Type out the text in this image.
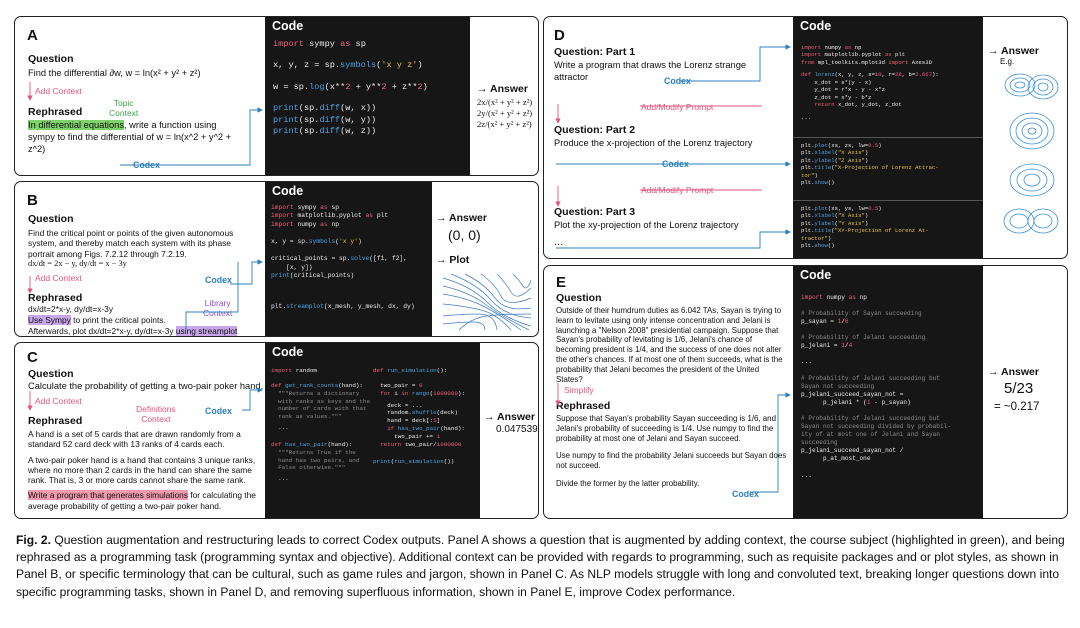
A
Question
Find the differential ∂w, w = ln(x² + y² + z²)
Add Context
Topic
Context
Rephrased
In differential equations, write a function using sympy to find the differential of w = ln(x^2 + y^2 + z^2)
Codex
Code
import sympy as sp
x, y, z = sp.symbols('x y z')
w = sp.log(x**2 + y**2 + z**2)
print(sp.diff(w, x))
print(sp.diff(w, y))
print(sp.diff(w, z))
→ Answer
2x/(x² + y² + z²)
2y/(x² + y² + z²)
2z/(x² + y² + z²)
B
Question
Find the critical point or points of the given autonomous system, and thereby match each system with its phase portrait among Figs. 7.2.12 through 7.2.19.
dx/dt = 2x − y, dy/dt = x − 3y
Add Context	Codex
Library
Context
Rephrased
dx/dt=2*x-y, dy/dt=x-3y
Use Sympy to print the critical points.
Afterwards, plot dx/dt=2*x-y, dy/dt=x-3y using streamplot
Code
import sympy as sp
import matplotlib.pyplot as plt
import numpy as np
x, y = sp.symbols('x y')
critical_points = sp.solve([f1, f2],
[x, y])
print(critical_points)
plt.streamplot(x_mesh, y_mesh, dx, dy)
→ Answer
(0, 0)
→ Plot
C
Question
Calculate the probability of getting a two-pair poker hand.
Add Context
Definitions
Context
Codex
Rephrased
A hand is a set of 5 cards that are drawn randomly from a standard 52 card deck with 13 ranks of 4 cards each.
A two-pair poker hand is a hand that contains 3 unique ranks, where no more than 2 cards in the hand can share the same rank. That is, 3 or more cards cannot share the same rank.
Write a program that generates simulations for calculating the average probability of getting a two-pair poker hand.
Code
import random
def get_rank_counts(hand):
"""Returns a dictionary
with ranks as keys and the
number of cards with that
rank as values."""
...
def has_two_pair(hand):
"""Returns True if the
hand has two pairs, and
False otherwise."""
...
def run_simulation():
two_pair = 0
for i in range(1000000):
deck = ...
random.shuffle(deck)
hand = deck[:5]
if has_two_pair(hand):
two_pair += 1
return two_pair/1000000
print(run_simulation())
→ Answer
0.047539
D
Question: Part 1
Write a program that draws the Lorenz strange attractor	Codex
Add/Modify Prompt
Question: Part 2
Produce the x-projection of the Lorenz trajectory
Codex
Add/Modify Prompt
Question: Part 3
Plot the xy-projection of the Lorenz trajectory
...
Code
import numpy as np
import matplotlib.pyplot as plt
from mpl_toolkits.mplot3d import Axes3D
def lorenz(x, y, z, s=10, r=28, b=2.667):
x_dot = s*(y - x)
y_dot = r*x - y - x*z
z_dot = x*y - b*z
return x_dot, y_dot, z_dot
...
plt.plot(xs, zs, lw=0.5)
plt.xlabel("X Axis")
plt.ylabel("Z Axis")
plt.title("X-Projection of Lorenz Attrac-
tor")
plt.show()
plt.plot(xs, ys, lw=0.5)
plt.xlabel("X Axis")
plt.ylabel("Y Axis")
plt.title("XY-Projection of Lorenz At-
tractor")
plt.show()
→ Answer
E.g.
E
Question
Outside of their humdrum duties as 6.042 TAs, Sayan is trying to learn to levitate using only intense concentration and Jelani is launching a "Nelson 2008" presidential campaign. Suppose that Sayan's probability of levitating is 1/6, Jelani's chance of becoming president is 1/4, and the success of one does not alter the other's chances. If at most one of them succeeds, what is the probability that Jelani becomes the president of the United States?
Simplify
Rephrased
Suppose that Sayan's probability Sayan succeeding is 1/6, and Jelani's probability of succeeding is 1/4. Use numpy to find the probability at most one of Jelani and Sayan succeed.
Use numpy to find the probability Jelani succeeds but Sayan does not succeed.
Divide the former by the latter probability.
Codex
Code
import numpy as np
# Probability of Sayan succeeding
p_sayan = 1/6
# Probability of Jelani succeeding
p_jelani = 1/4
...
# Probability of Jelani succeeding but
Sayan not succeeding
p_jelani_succeed_sayan_not =
p_jelani * (1 - p_sayan)
# Probability of Jelani succeeding but
Sayan not succeeding divided by probabil-
ity of at most one of Jelani and Sayan
succeeding
p_jelani_succeed_sayan_not /
p_at_most_one
...
→ Answer
5/23
= ~0.217
Fig. 2. Question augmentation and restructuring leads to correct Codex outputs. Panel A shows a question that is augmented by adding context, the course subject (highlighted in green), and being rephrased as a programming task (programming syntax and objective). Additional context can be provided with regards to programming, such as requisite packages and or plot styles, as shown in Panel B, or specific terminology that can be cultural, such as game rules and jargon, shown in Panel C. As NLP models struggle with long and convoluted text, breaking longer questions down into specific programming tasks, shown in Panel D, and removing superfluous information, shown in Panel E, improve Codex performance.
